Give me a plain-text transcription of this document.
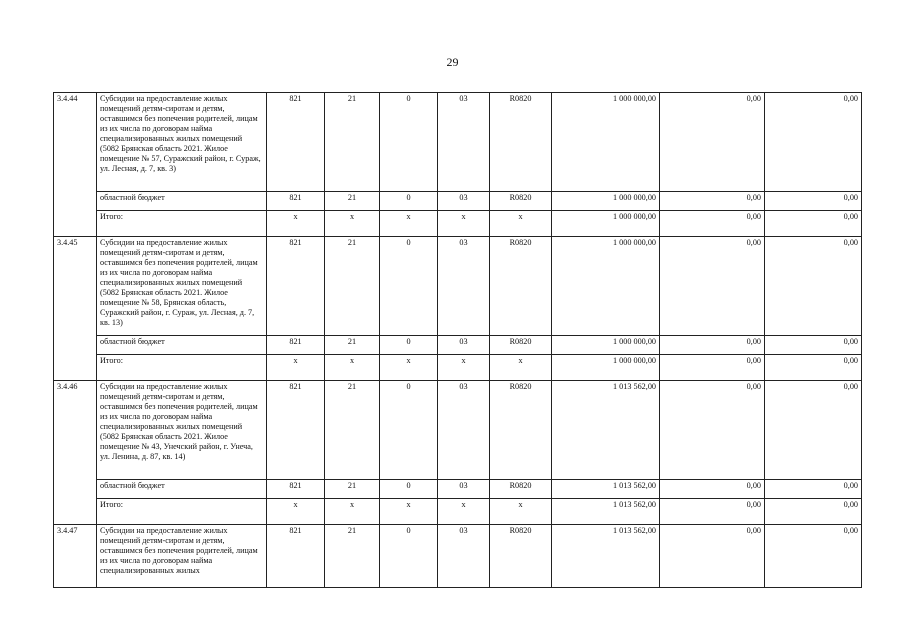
29
3.4.44	Субсидии на предоставление жилых помещений детям-сиротам и детям, оставшимся без попечения родителей, лицам из их числа по договорам найма специализированных жилых помещений (5082 Брянская область 2021. Жилое помещение № 57, Суражский район, г. Сураж, ул. Лесная, д. 7, кв. 3)	821	21	0	03	R0820	1 000 000,00	0,00	0,00
	областной бюджет	821	21	0	03	R0820	1 000 000,00	0,00	0,00
	Итого:	x	x	x	x	x	1 000 000,00	0,00	0,00
3.4.45	Субсидии на предоставление жилых помещений детям-сиротам и детям, оставшимся без попечения родителей, лицам из их числа по договорам найма специализированных жилых помещений (5082 Брянская область 2021. Жилое помещение № 58, Брянская область, Суражский район, г. Сураж, ул. Лесная, д. 7, кв. 13)	821	21	0	03	R0820	1 000 000,00	0,00	0,00
	областной бюджет	821	21	0	03	R0820	1 000 000,00	0,00	0,00
	Итого:	x	x	x	x	x	1 000 000,00	0,00	0,00
3.4.46	Субсидии на предоставление жилых помещений детям-сиротам и детям, оставшимся без попечения родителей, лицам из их числа по договорам найма специализированных жилых помещений (5082 Брянская область 2021. Жилое помещение № 43, Унечский район, г. Унеча, ул. Ленина, д. 87, кв. 14)	821	21	0	03	R0820	1 013 562,00	0,00	0,00
	областной бюджет	821	21	0	03	R0820	1 013 562,00	0,00	0,00
	Итого:	x	x	x	x	x	1 013 562,00	0,00	0,00
3.4.47	Субсидии на предоставление жилых помещений детям-сиротам и детям, оставшимся без попечения родителей, лицам из их числа по договорам найма специализированных жилых	821	21	0	03	R0820	1 013 562,00	0,00	0,00
